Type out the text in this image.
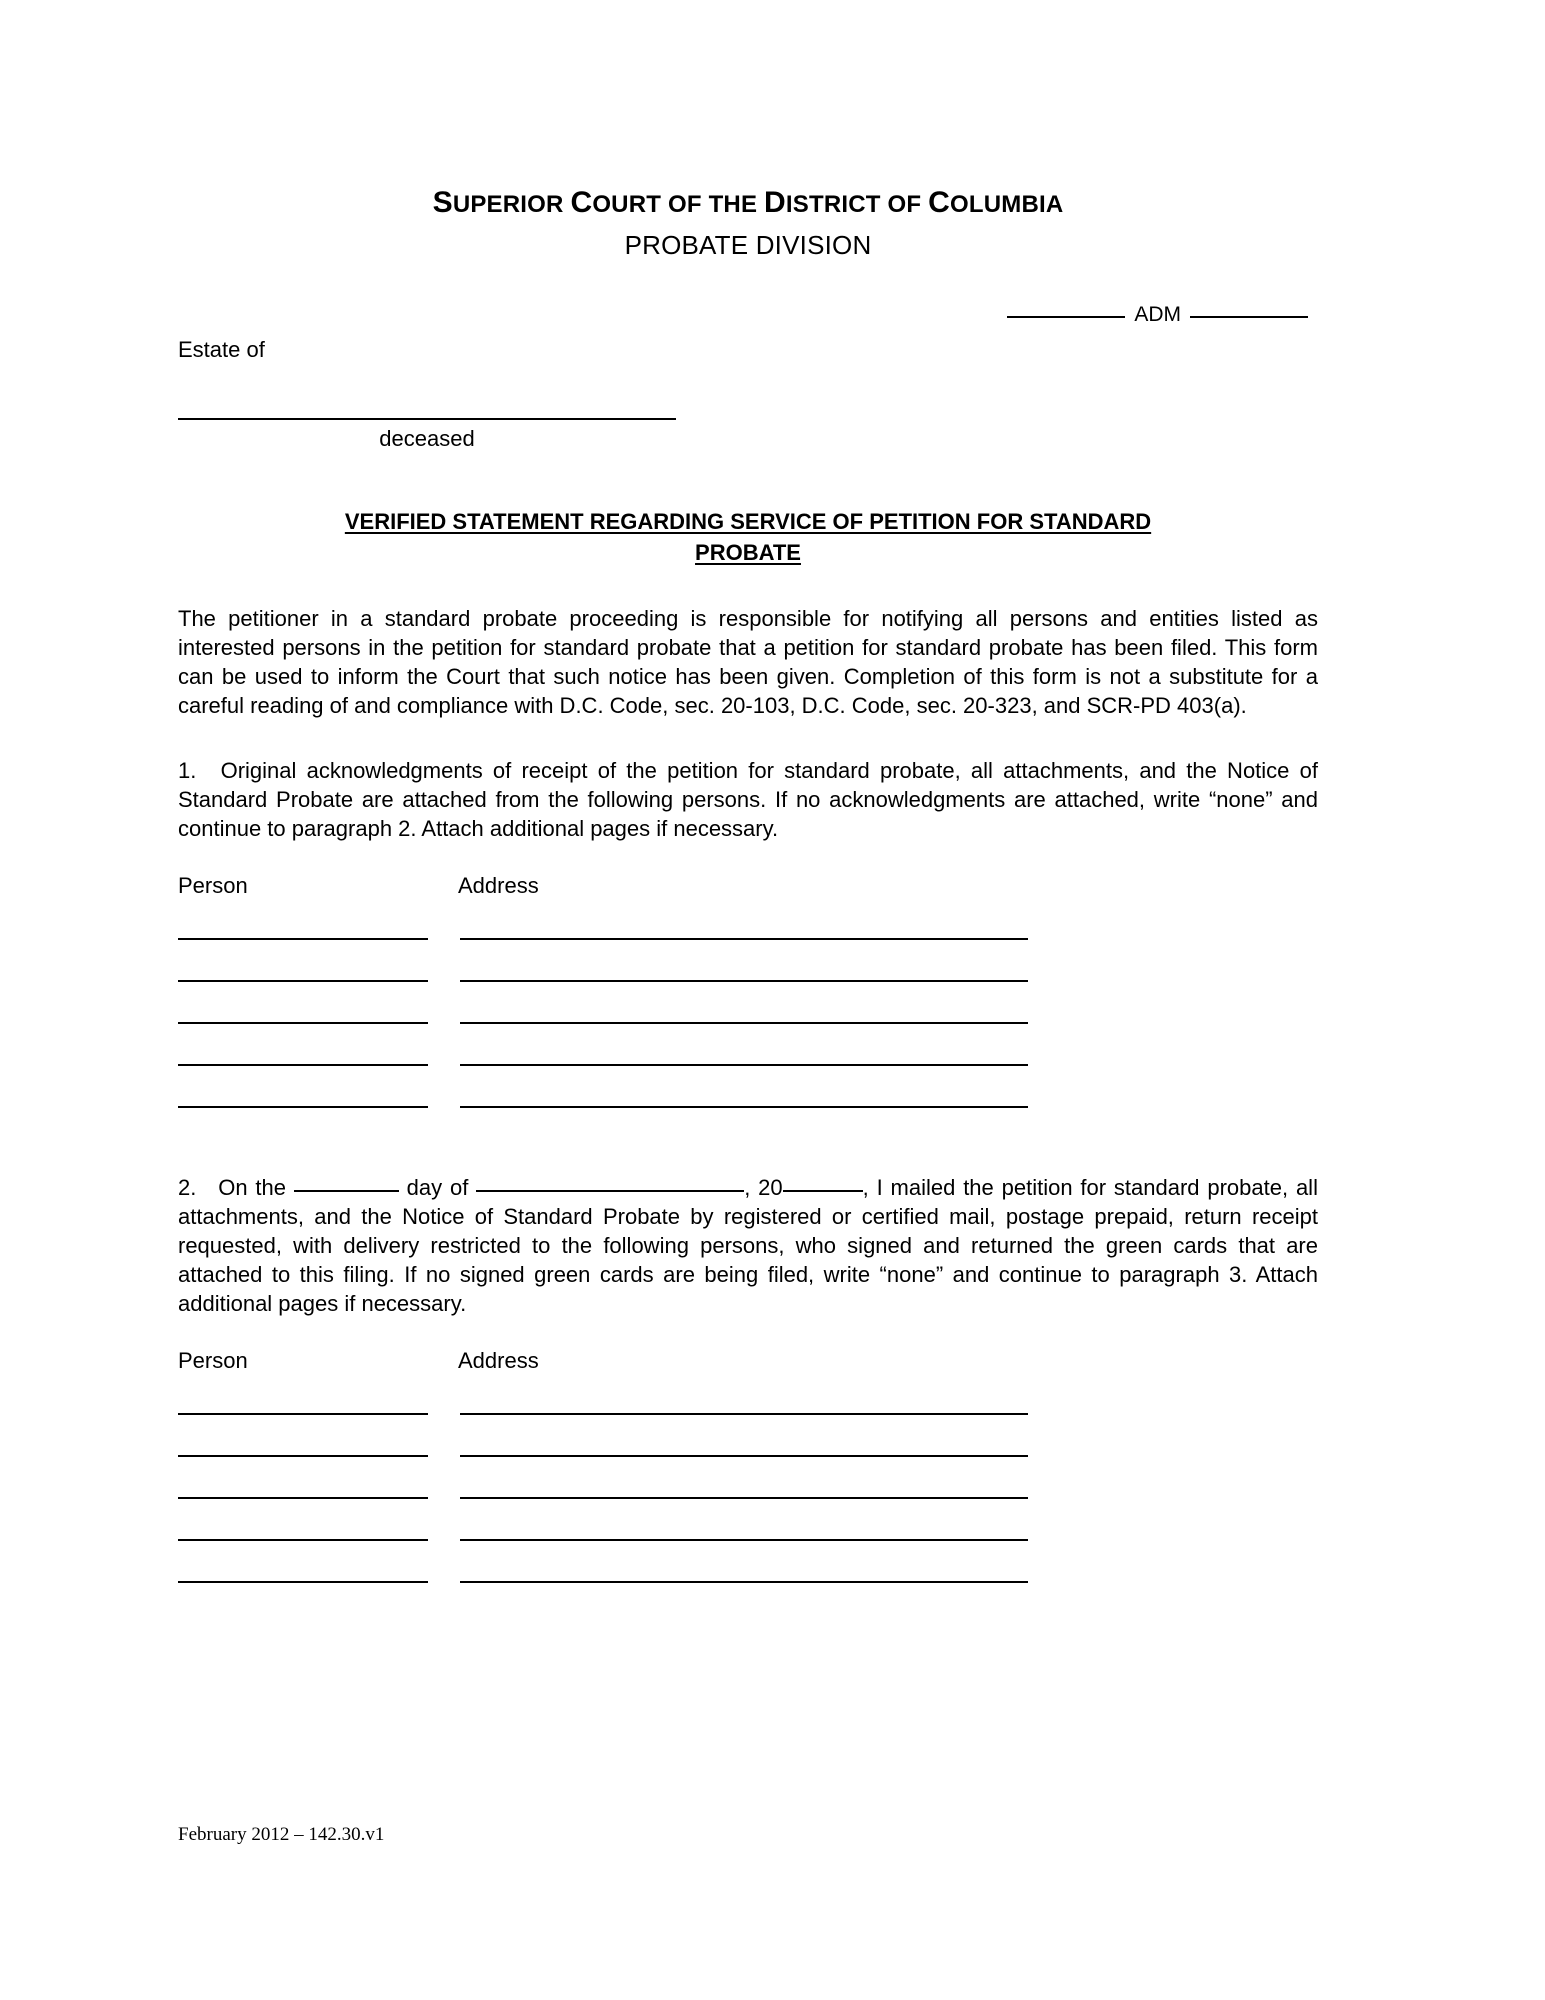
SUPERIOR COURT OF THE DISTRICT OF COLUMBIA
PROBATE DIVISION
ADM
Estate of
deceased
VERIFIED STATEMENT REGARDING SERVICE OF PETITION FOR STANDARD
PROBATE
The petitioner in a standard probate proceeding is responsible for notifying all persons and entities listed as interested persons in the petition for standard probate that a petition for standard probate has been filed. This form can be used to inform the Court that such notice has been given. Completion of this form is not a substitute for a careful reading of and compliance with D.C. Code, sec. 20-103, D.C. Code, sec. 20-323, and SCR-PD 403(a).
1. Original acknowledgments of receipt of the petition for standard probate, all attachments, and the Notice of Standard Probate are attached from the following persons. If no acknowledgments are attached, write “none” and continue to paragraph 2. Attach additional pages if necessary.
Person	Address
2. On the	day of	, 20	, I mailed the petition for standard probate, all attachments, and the Notice of Standard Probate by registered or certified mail, postage prepaid, return receipt requested, with delivery restricted to the following persons, who signed and returned the green cards that are attached to this filing. If no signed green cards are being filed, write “none” and continue to paragraph 3. Attach additional pages if necessary.
Person	Address
February 2012 – 142.30.v1
